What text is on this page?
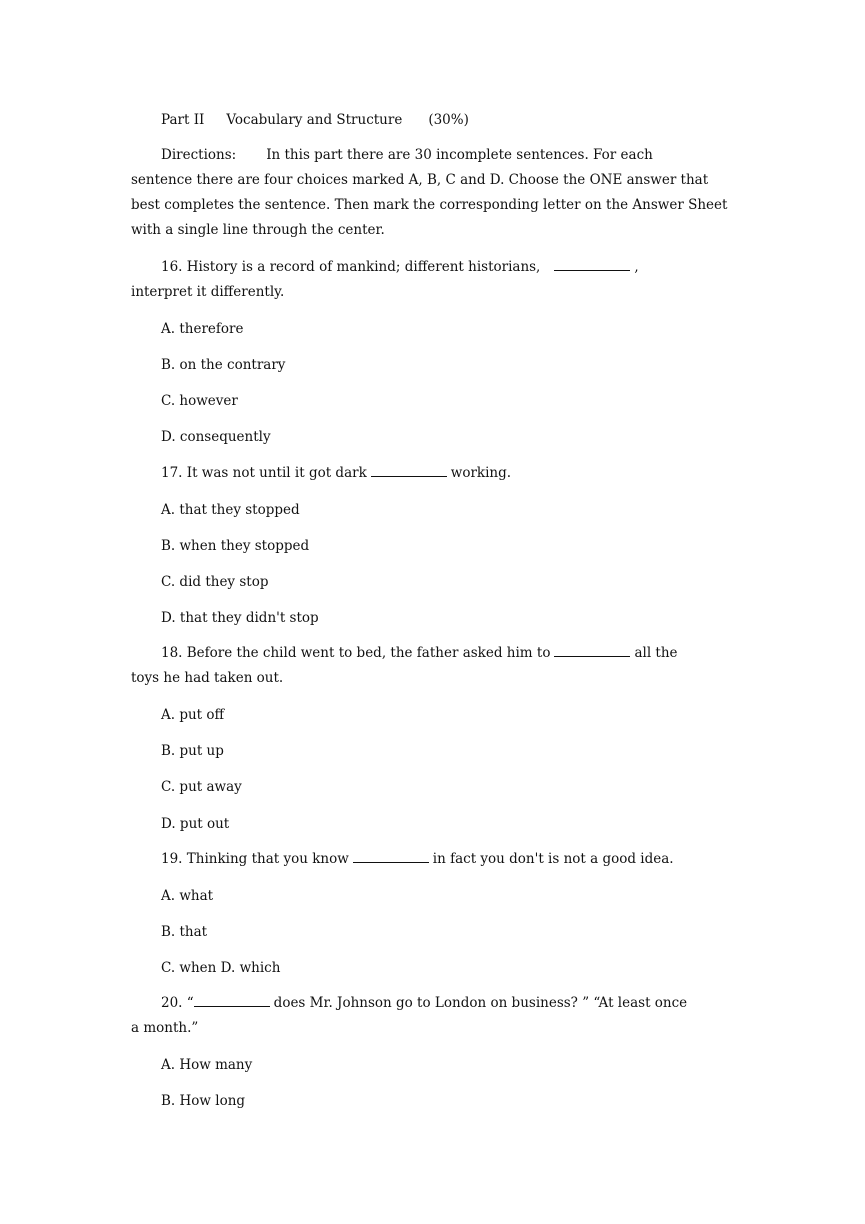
Part II Vocabulary and Structure (30%)
Directions: In this part there are 30 incomplete sentences. For each
sentence there are four choices marked A, B, C and D. Choose the ONE answer that
best completes the sentence. Then mark the corresponding letter on the Answer Sheet
with a single line through the center.
16. History is a record of mankind; different historians,	,
interpret it differently.
A. therefore
B. on the contrary
C. however
D. consequently
17. It was not until it got dark	working.
A. that they stopped
B. when they stopped
C. did they stop
D. that they didn't stop
18. Before the child went to bed, the father asked him to	all the
toys he had taken out.
A. put off
B. put up
C. put away
D. put out
19. Thinking that you know	in fact you don't is not a good idea.
A. what
B. that
C. when D. which
20. “	does Mr. Johnson go to London on business? ” “At least once
a month.”
A. How many
B. How long
